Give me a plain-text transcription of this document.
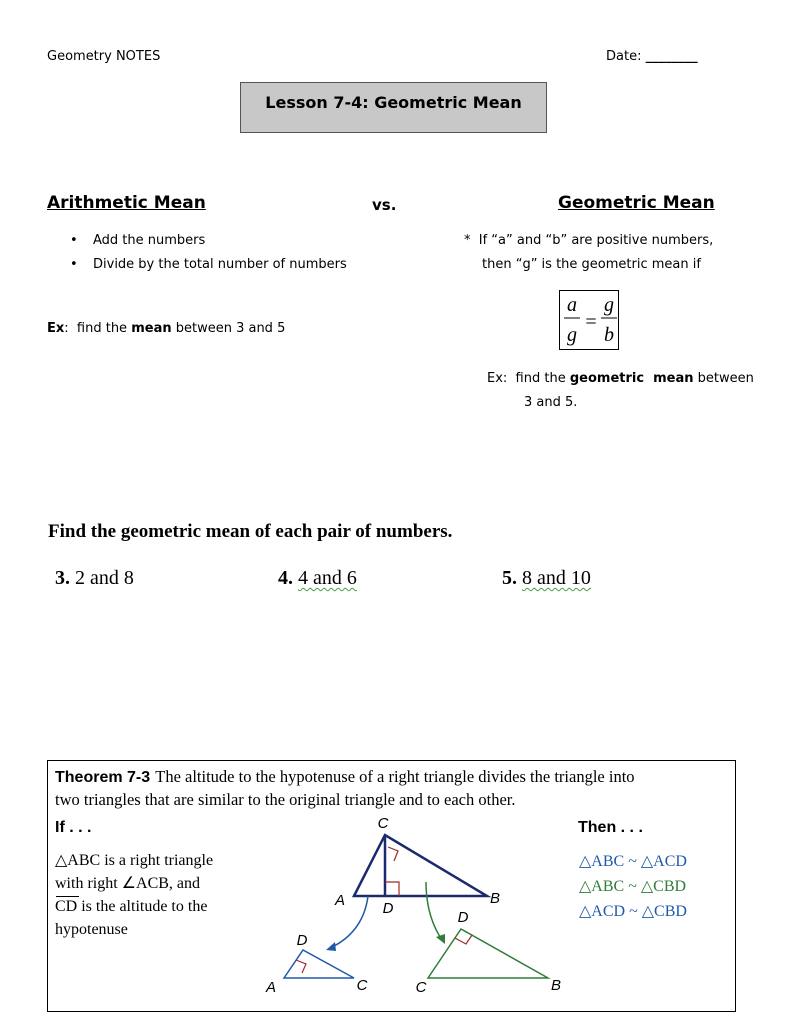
Geometry NOTES	Date: ________
Lesson 7-4: Geometric Mean
Arithmetic Mean	vs.	Geometric Mean
• Add the numbers
• Divide by the total number of numbers
Ex:  find the mean between 3 and 5
* If “a” and “b” are positive numbers,
then “g” is the geometric mean if
a
g
=
g
b
Ex:  find the geometric  mean between
3 and 5.
Find the geometric mean of each pair of numbers.
3. 2 and 8	4. 4 and 6	5. 8 and 10
Theorem 7-3 The altitude to the hypotenuse of a right triangle divides the triangle into
two triangles that are similar to the original triangle and to each other.
If . . .
△ABC is a right triangle
with right ∠ACB, and
CD is the altitude to the
hypotenuse
Then . . .
△ABC ~ △ACD
△ABC ~ △CBD
△ACD ~ △CBD
C
A	D
B
D
A	C
D
C	B
